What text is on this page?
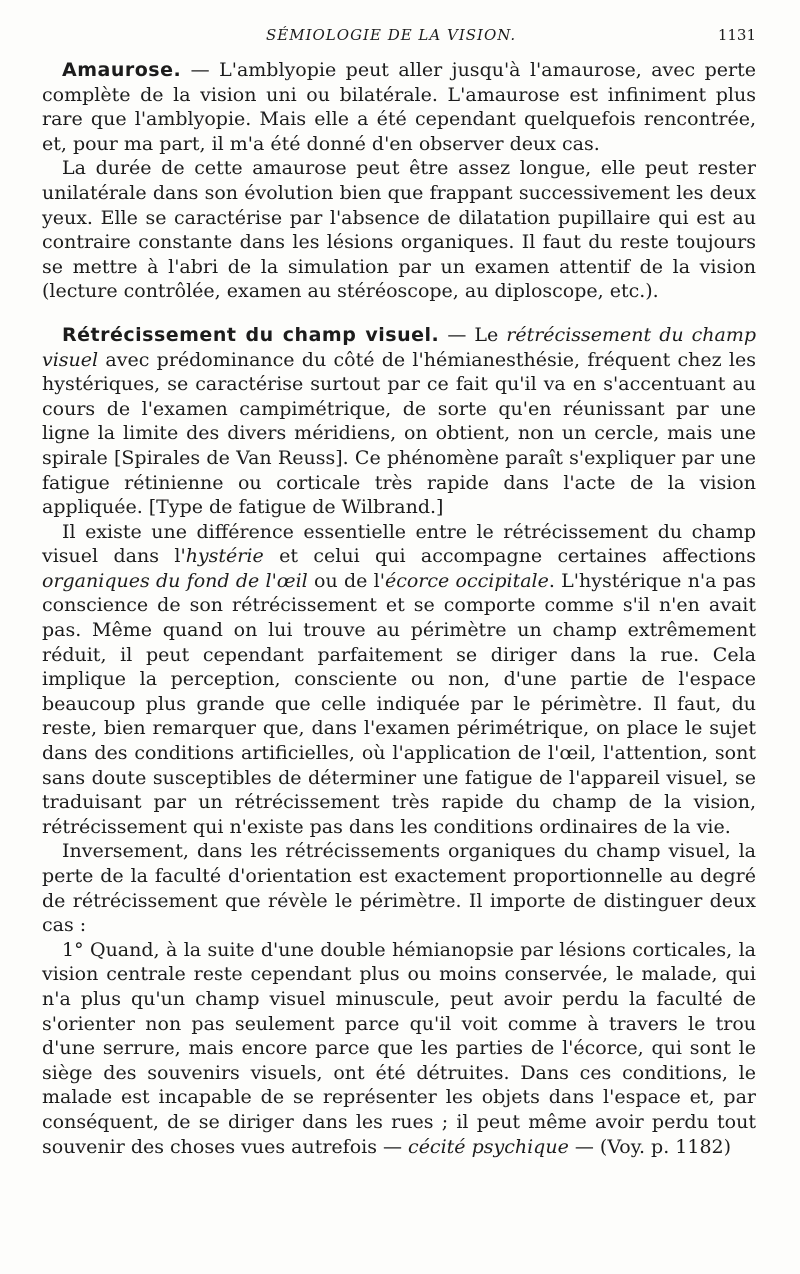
SÉMIOLOGIE DE LA VISION.	1131

Amaurose. — L'amblyopie peut aller jusqu'à l'amaurose, avec perte complète de la vision uni ou bilatérale. L'amaurose est infiniment plus rare que l'amblyopie. Mais elle a été cependant quelquefois rencontrée, et, pour ma part, il m'a été donné d'en observer deux cas.

La durée de cette amaurose peut être assez longue, elle peut rester unilatérale dans son évolution bien que frappant successivement les deux yeux. Elle se caractérise par l'absence de dilatation pupillaire qui est au contraire constante dans les lésions organiques. Il faut du reste toujours se mettre à l'abri de la simulation par un examen attentif de la vision (lecture contrôlée, examen au stéréoscope, au diploscope, etc.).

Rétrécissement du champ visuel. — Le rétrécissement du champ visuel avec prédominance du côté de l'hémianesthésie, fréquent chez les hystériques, se caractérise surtout par ce fait qu'il va en s'accentuant au cours de l'examen campimétrique, de sorte qu'en réunissant par une ligne la limite des divers méridiens, on obtient, non un cercle, mais une spirale [Spirales de Van Reuss]. Ce phénomène paraît s'expliquer par une fatigue rétinienne ou corticale très rapide dans l'acte de la vision appliquée. [Type de fatigue de Wilbrand.]

Il existe une différence essentielle entre le rétrécissement du champ visuel dans l'hystérie et celui qui accompagne certaines affections organiques du fond de l'œil ou de l'écorce occipitale. L'hystérique n'a pas conscience de son rétrécissement et se comporte comme s'il n'en avait pas. Même quand on lui trouve au périmètre un champ extrêmement réduit, il peut cependant parfaitement se diriger dans la rue. Cela implique la perception, consciente ou non, d'une partie de l'espace beaucoup plus grande que celle indiquée par le périmètre. Il faut, du reste, bien remarquer que, dans l'examen périmétrique, on place le sujet dans des conditions artificielles, où l'application de l'œil, l'attention, sont sans doute susceptibles de déterminer une fatigue de l'appareil visuel, se traduisant par un rétrécissement très rapide du champ de la vision, rétrécissement qui n'existe pas dans les conditions ordinaires de la vie.

Inversement, dans les rétrécissements organiques du champ visuel, la perte de la faculté d'orientation est exactement proportionnelle au degré de rétrécissement que révèle le périmètre. Il importe de distinguer deux cas :

1° Quand, à la suite d'une double hémianopsie par lésions corticales, la vision centrale reste cependant plus ou moins conservée, le malade, qui n'a plus qu'un champ visuel minuscule, peut avoir perdu la faculté de s'orienter non pas seulement parce qu'il voit comme à travers le trou d'une serrure, mais encore parce que les parties de l'écorce, qui sont le siège des souvenirs visuels, ont été détruites. Dans ces conditions, le malade est incapable de se représenter les objets dans l'espace et, par conséquent, de se diriger dans les rues ; il peut même avoir perdu tout souvenir des choses vues autrefois — cécité psychique — (Voy. p. 1182)
